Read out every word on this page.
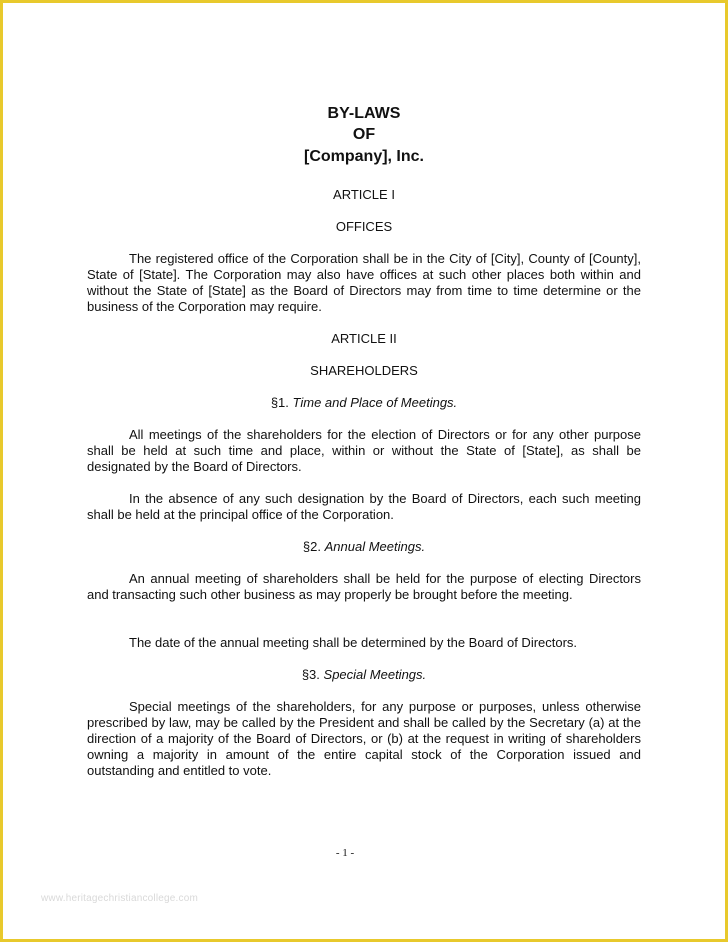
BY-LAWS

OF

[Company], Inc.

ARTICLE I

OFFICES

The registered office of the Corporation shall be in the City of [City], County of [County], State of [State]. The Corporation may also have offices at such other places both within and without the State of [State] as the Board of Directors may from time to time determine or the business of the Corporation may require.

ARTICLE II

SHAREHOLDERS

§1. Time and Place of Meetings.

All meetings of the shareholders for the election of Directors or for any other purpose shall be held at such time and place, within or without the State of [State], as shall be designated by the Board of Directors.

In the absence of any such designation by the Board of Directors, each such meeting shall be held at the principal office of the Corporation.

§2. Annual Meetings.

An annual meeting of shareholders shall be held for the purpose of electing Directors and transacting such other business as may properly be brought before the meeting.

The date of the annual meeting shall be determined by the Board of Directors.

§3. Special Meetings.

Special meetings of the shareholders, for any purpose or purposes, unless otherwise prescribed by law, may be called by the President and shall be called by the Secretary (a) at the direction of a majority of the Board of Directors, or (b) at the request in writing of shareholders owning a majority in amount of the entire capital stock of the Corporation issued and outstanding and entitled to vote.

- 1 -

www.heritagechristiancollege.com
